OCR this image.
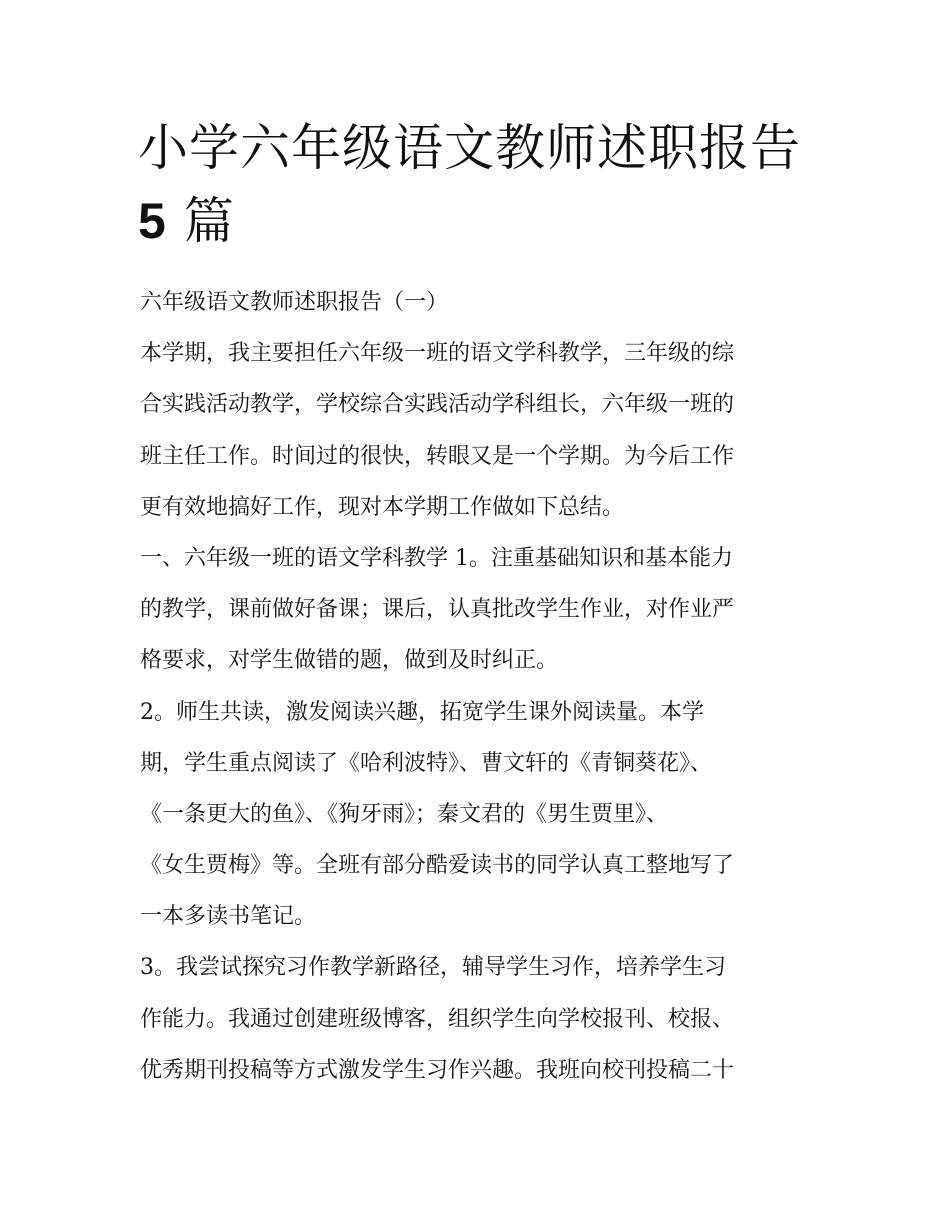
小学六年级语文教师述职报告
5 篇
六年级语文教师述职报告（一）
本学期，我主要担任六年级一班的语文学科教学，三年级的综
合实践活动教学，学校综合实践活动学科组长，六年级一班的
班主任工作。时间过的很快，转眼又是一个学期。为今后工作
更有效地搞好工作，现对本学期工作做如下总结。
一、六年级一班的语文学科教学 1。注重基础知识和基本能力
的教学，课前做好备课；课后，认真批改学生作业，对作业严
格要求，对学生做错的题，做到及时纠正。
2。师生共读，激发阅读兴趣，拓宽学生课外阅读量。本学
期，学生重点阅读了《哈利波特》、曹文轩的《青铜葵花》、
《一条更大的鱼》、《狗牙雨》；秦文君的《男生贾里》、
《女生贾梅》等。全班有部分酷爱读书的同学认真工整地写了
一本多读书笔记。
3。我尝试探究习作教学新路径，辅导学生习作，培养学生习
作能力。我通过创建班级博客，组织学生向学校报刊、校报、
优秀期刊投稿等方式激发学生习作兴趣。我班向校刊投稿二十
